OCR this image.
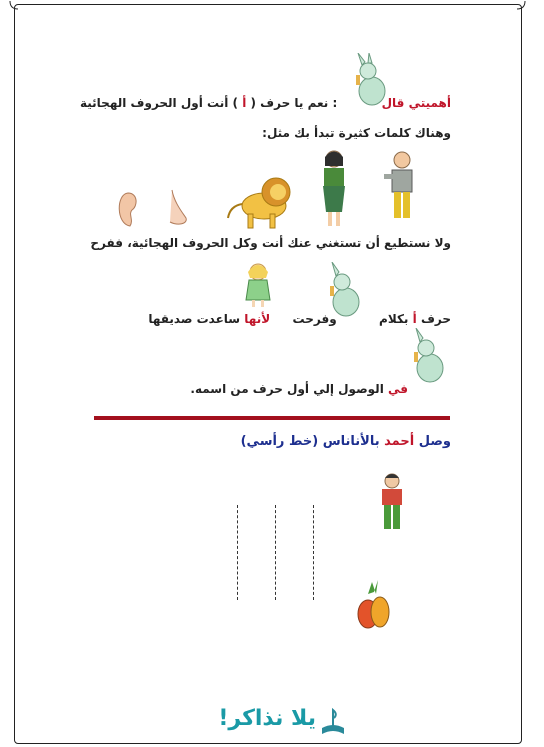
أهميتي قال  : نعم يا حرف ( أ ) أنت أول الحروف الهجائية
وهناك كلمات كثيرة تبدأ بك مثل:
ولا نستطيع أن تستغني عنك أنت وكل الحروف الهجائية، ففرح
حرف أ بكلام  وفرحت  لأنها ساعدت صديقها
في الوصول إلي أول حرف من اسمه.
وصل أحمد بالأناناس (خط رأسي)
يلا نذاكر!
